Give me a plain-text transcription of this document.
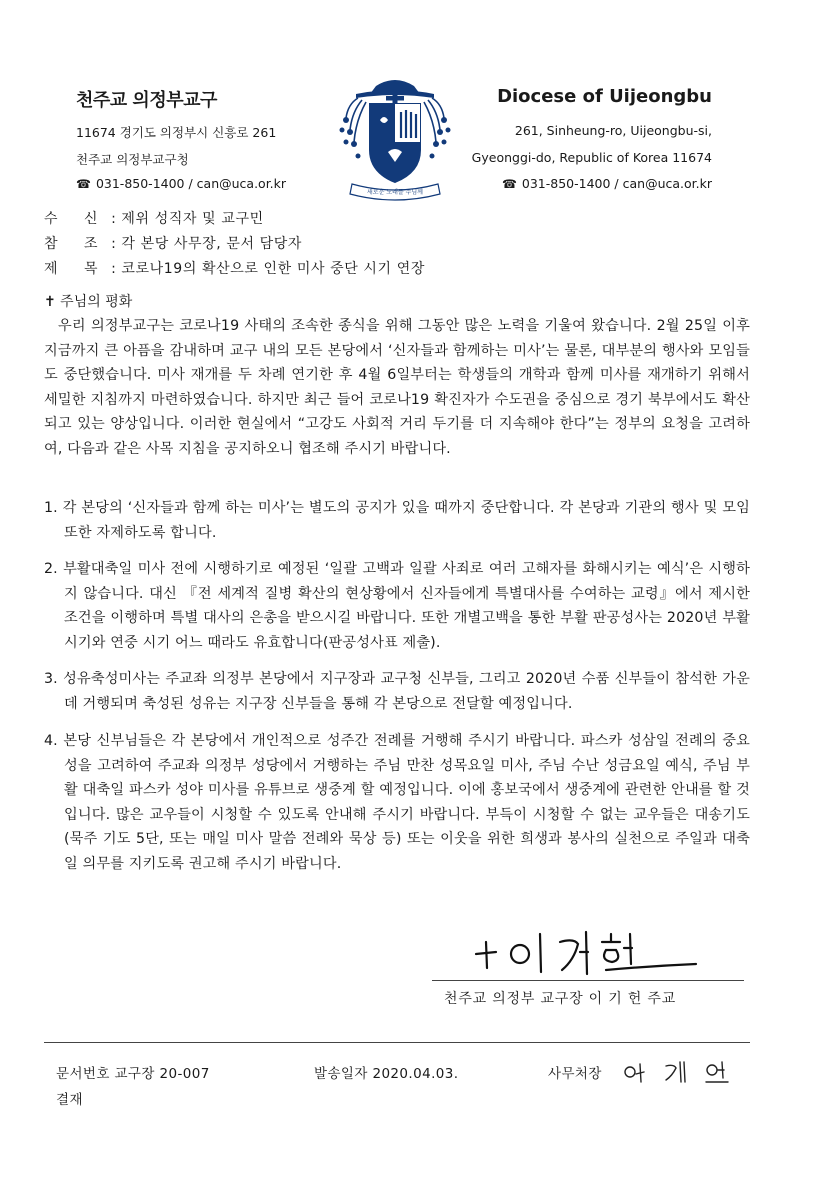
천주교 의정부교구
11674 경기도 의정부시 신흥로 261
천주교 의정부교구청
☎ 031-850-1400 / can@uca.or.kr
새로운 노래를 주님께
Diocese of Uijeongbu
261, Sinheung-ro, Uijeongbu-si,
Gyeonggi-do, Republic of Korea 11674
☎ 031-850-1400 / can@uca.or.kr
수 신 : 제위 성직자 및 교구민
참 조 : 각 본당 사무장, 문서 담당자
제 목 : 코로나19의 확산으로 인한 미사 중단 시기 연장
✝ 주님의 평화
우리 의정부교구는 코로나19 사태의 조속한 종식을 위해 그동안 많은 노력을 기울여 왔습니다. 2월 25일 이후 지금까지 큰 아픔을 감내하며 교구 내의 모든 본당에서 ‘신자들과 함께하는 미사’는 물론, 대부분의 행사와 모임들도 중단했습니다. 미사 재개를 두 차례 연기한 후 4월 6일부터는 학생들의 개학과 함께 미사를 재개하기 위해서 세밀한 지침까지 마련하였습니다. 하지만 최근 들어 코로나19 확진자가 수도권을 중심으로 경기 북부에서도 확산되고 있는 양상입니다. 이러한 현실에서 “고강도 사회적 거리 두기를 더 지속해야 한다”는 정부의 요청을 고려하여, 다음과 같은 사목 지침을 공지하오니 협조해 주시기 바랍니다.
1. 각 본당의 ‘신자들과 함께 하는 미사’는 별도의 공지가 있을 때까지 중단합니다. 각 본당과 기관의 행사 및 모임 또한 자제하도록 합니다.
2. 부활대축일 미사 전에 시행하기로 예정된 ‘일괄 고백과 일괄 사죄로 여러 고해자를 화해시키는 예식’은 시행하지 않습니다. 대신 『전 세계적 질병 확산의 현상황에서 신자들에게 특별대사를 수여하는 교령』에서 제시한 조건을 이행하며 특별 대사의 은총을 받으시길 바랍니다. 또한 개별고백을 통한 부활 판공성사는 2020년 부활 시기와 연중 시기 어느 때라도 유효합니다(판공성사표 제출).
3. 성유축성미사는 주교좌 의정부 본당에서 지구장과 교구청 신부들, 그리고 2020년 수품 신부들이 참석한 가운데 거행되며 축성된 성유는 지구장 신부들을 통해 각 본당으로 전달할 예정입니다.
4. 본당 신부님들은 각 본당에서 개인적으로 성주간 전례를 거행해 주시기 바랍니다. 파스카 성삼일 전례의 중요성을 고려하여 주교좌 의정부 성당에서 거행하는 주님 만찬 성목요일 미사, 주님 수난 성금요일 예식, 주님 부활 대축일 파스카 성야 미사를 유튜브로 생중계 할 예정입니다. 이에 홍보국에서 생중계에 관련한 안내를 할 것입니다. 많은 교우들이 시청할 수 있도록 안내해 주시기 바랍니다. 부득이 시청할 수 없는 교우들은 대송기도(묵주 기도 5단, 또는 매일 미사 말씀 전례와 묵상 등) 또는 이웃을 위한 희생과 봉사의 실천으로 주일과 대축일 의무를 지키도록 권고해 주시기 바랍니다.
천주교 의정부 교구장 이 기 헌 주교
문서번호 교구장 20-007	발송일자 2020.04.03.	사무처장
결재
